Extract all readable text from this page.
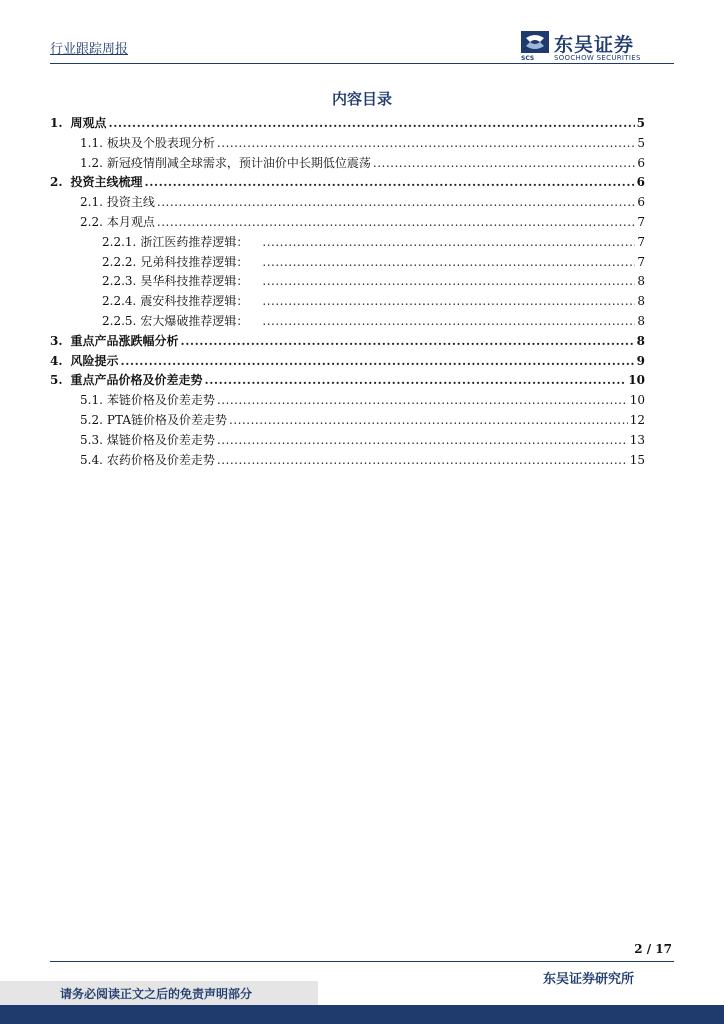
行业跟踪周报
SCS
东吴证券
SOOCHOW SECURITIES
内容目录
1. 周观点 .....	5
1.1. 板块及个股表现分析 .....	5
1.2. 新冠疫情削减全球需求，预计油价中长期低位震荡 .....	6
2. 投资主线梳理 .....	6
2.1. 投资主线 .....	6
2.2. 本月观点 .....	7
2.2.1. 浙江医药推荐逻辑： .....	7
2.2.2. 兄弟科技推荐逻辑： .....	7
2.2.3. 昊华科技推荐逻辑： .....	8
2.2.4. 震安科技推荐逻辑： .....	8
2.2.5. 宏大爆破推荐逻辑： .....	8
3. 重点产品涨跌幅分析 .....	8
4. 风险提示 .....	9
5. 重点产品价格及价差走势 .....	10
5.1. 苯链价格及价差走势 .....	10
5.2. PTA链价格及价差走势 .....	12
5.3. 煤链价格及价差走势 .....	13
5.4. 农药价格及价差走势 .....	15
2 / 17
东吴证券研究所
请务必阅读正文之后的免责声明部分
